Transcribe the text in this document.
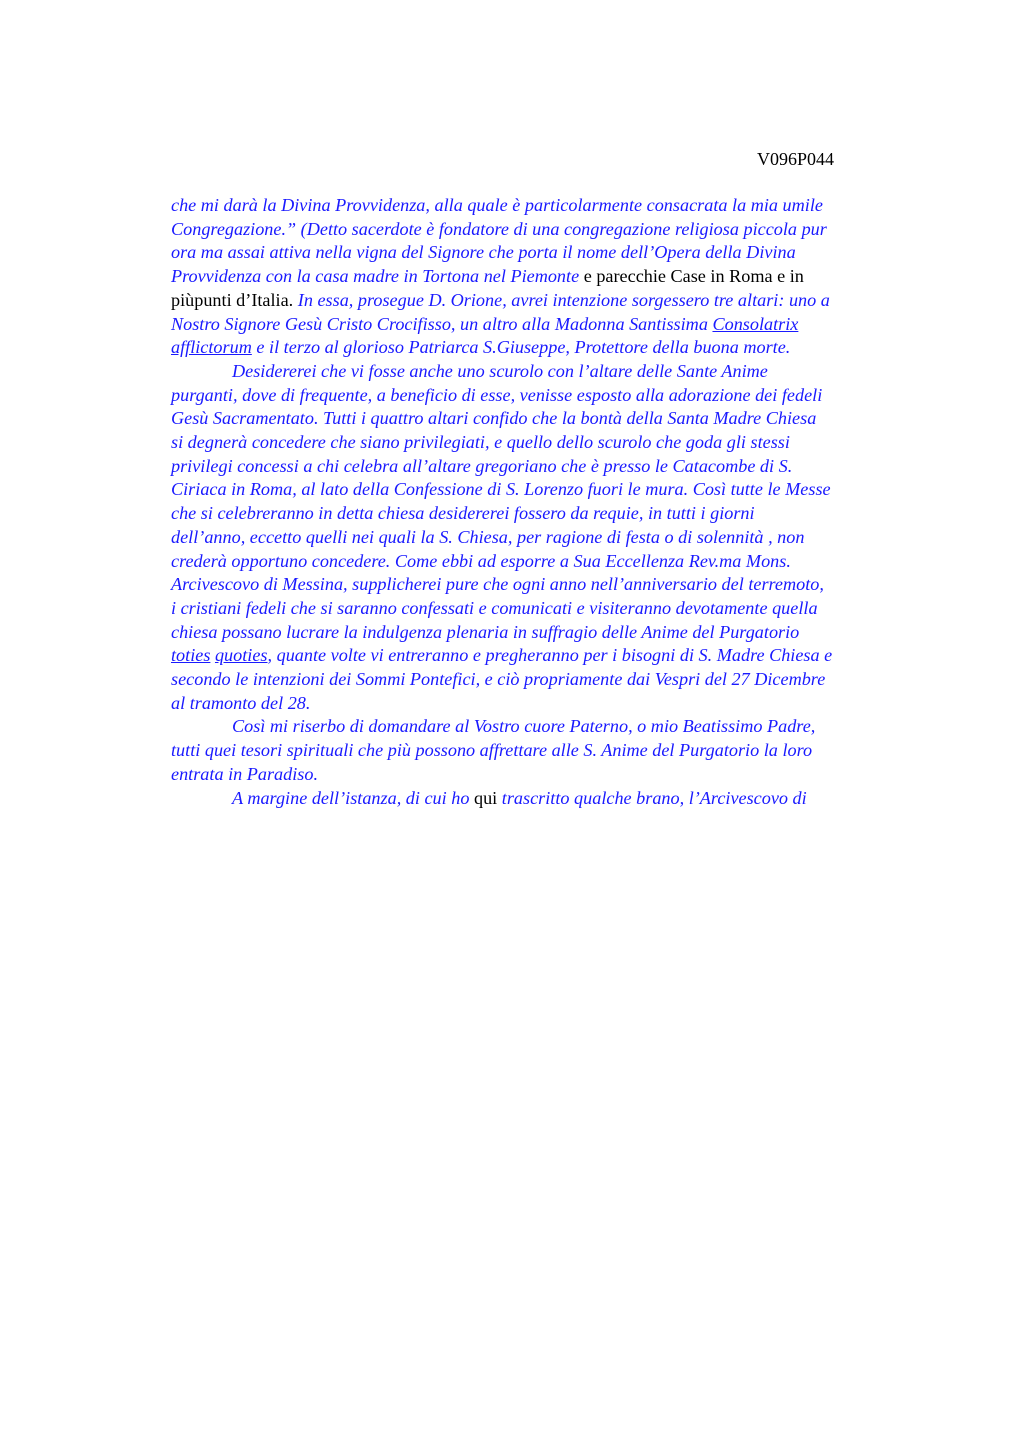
V096P044
che mi darà la Divina Provvidenza, alla quale è particolarmente consacrata la mia umile
Congregazione.” (Detto sacerdote è fondatore di una congregazione religiosa piccola pur
ora ma assai attiva nella vigna del Signore che porta il nome dell’Opera della Divina
Provvidenza con la casa madre in Tortona nel Piemonte e parecchie Case in Roma e in
piùpunti d’Italia. In essa, prosegue D. Orione, avrei intenzione sorgessero tre altari: uno a
Nostro Signore Gesù Cristo Crocifisso, un altro alla Madonna Santissima Consolatrix
afflictorum e il terzo al glorioso Patriarca S.Giuseppe, Protettore della buona morte.
Desidererei che vi fosse anche uno scurolo con l’altare delle Sante Anime
purganti, dove di frequente, a beneficio di esse, venisse esposto alla adorazione dei fedeli
Gesù Sacramentato. Tutti i quattro altari confido che la bontà della Santa Madre Chiesa
si degnerà concedere che siano privilegiati, e quello dello scurolo che goda gli stessi
privilegi concessi a chi celebra all’altare gregoriano che è presso le Catacombe di S.
Ciriaca in Roma, al lato della Confessione di S. Lorenzo fuori le mura. Così tutte le Messe
che si celebreranno in detta chiesa desidererei fossero da requie, in tutti i giorni
dell’anno, eccetto quelli nei quali la S. Chiesa, per ragione di festa o di solennità , non
crederà opportuno concedere. Come ebbi ad esporre a Sua Eccellenza Rev.ma Mons.
Arcivescovo di Messina, supplicherei pure che ogni anno nell’anniversario del terremoto,
i cristiani fedeli che si saranno confessati e comunicati e visiteranno devotamente quella
chiesa possano lucrare la indulgenza plenaria in suffragio delle Anime del Purgatorio
toties quoties, quante volte vi entreranno e pregheranno per i bisogni di S. Madre Chiesa e
secondo le intenzioni dei Sommi Pontefici, e ciò propriamente dai Vespri del 27 Dicembre
al tramonto del 28.
Così mi riserbo di domandare al Vostro cuore Paterno, o mio Beatissimo Padre,
tutti quei tesori spirituali che più possono affrettare alle S. Anime del Purgatorio la loro
entrata in Paradiso.
A margine dell’istanza, di cui ho qui trascritto qualche brano, l’Arcivescovo di
